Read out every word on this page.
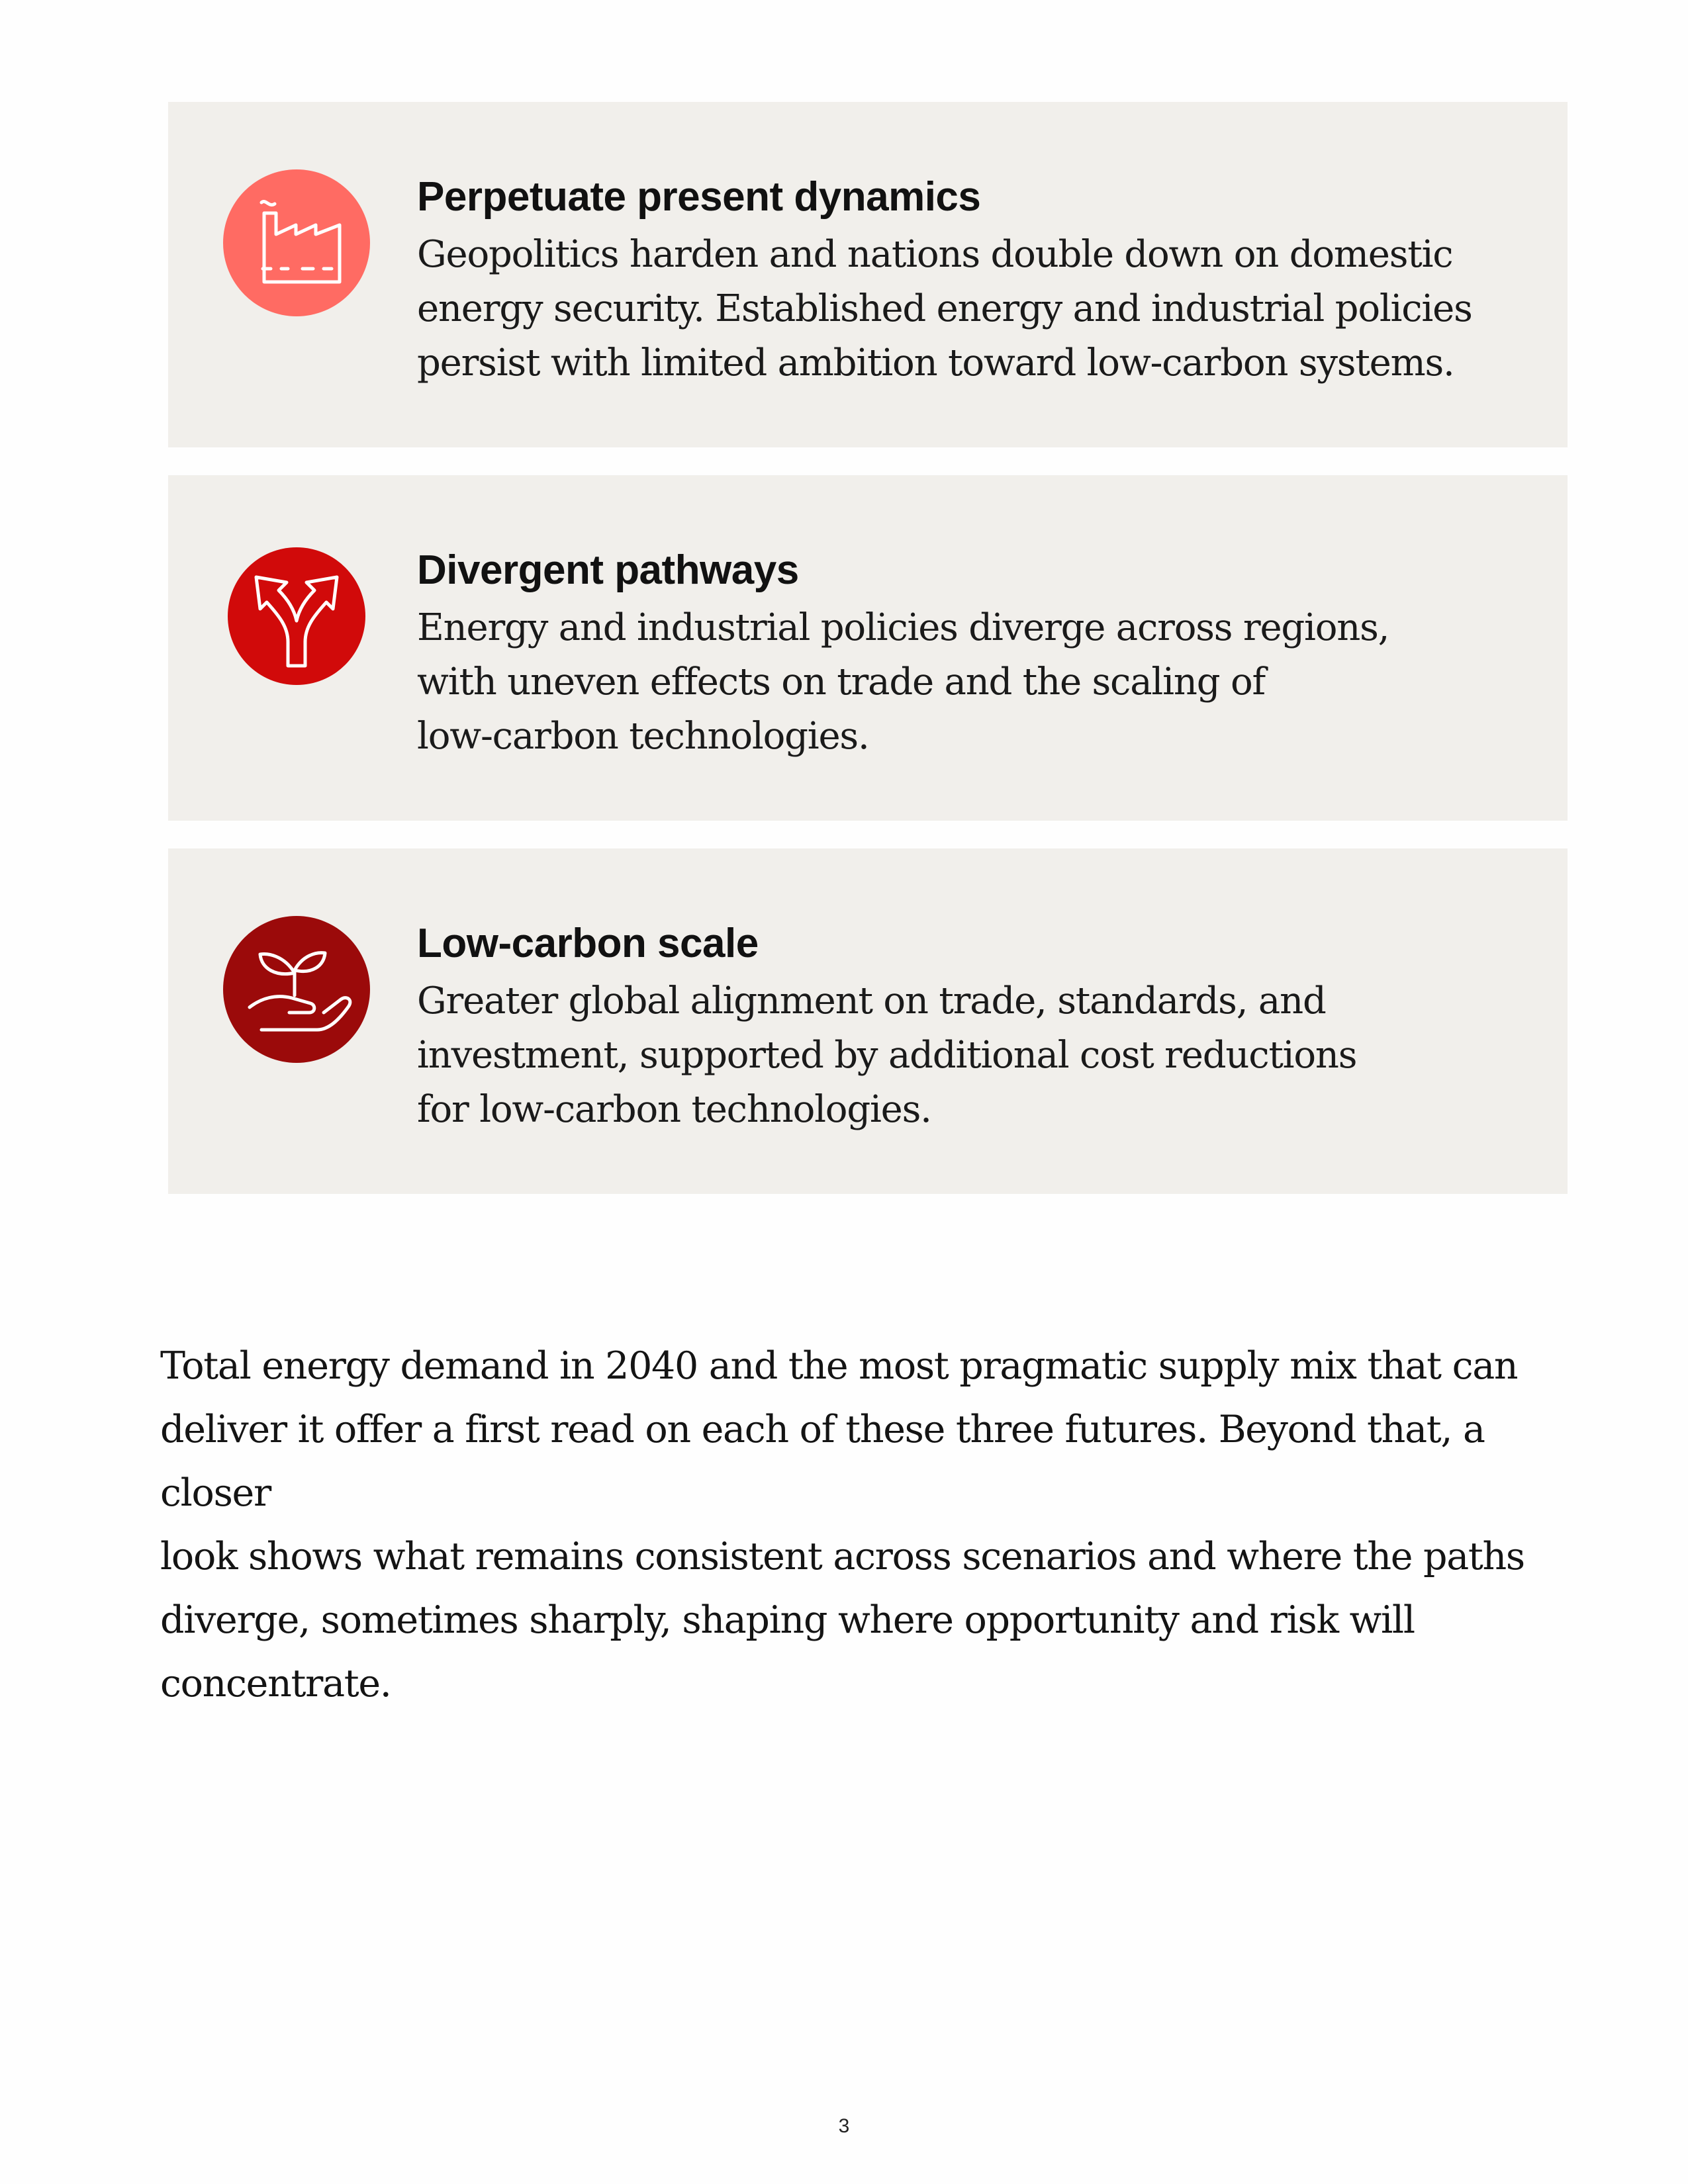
Perpetuate present dynamics

Geopolitics harden and nations double down on domestic
energy security. Established energy and industrial policies
persist with limited ambition toward low-carbon systems.

Divergent pathways

Energy and industrial policies diverge across regions,
with uneven effects on trade and the scaling of
low-carbon technologies.

Low-carbon scale

Greater global alignment on trade, standards, and
investment, supported by additional cost reductions
for low-carbon technologies.

Total energy demand in 2040 and the most pragmatic supply mix that can
deliver it offer a first read on each of these three futures. Beyond that, a closer
look shows what remains consistent across scenarios and where the paths
diverge, sometimes sharply, shaping where opportunity and risk will
concentrate.

3
